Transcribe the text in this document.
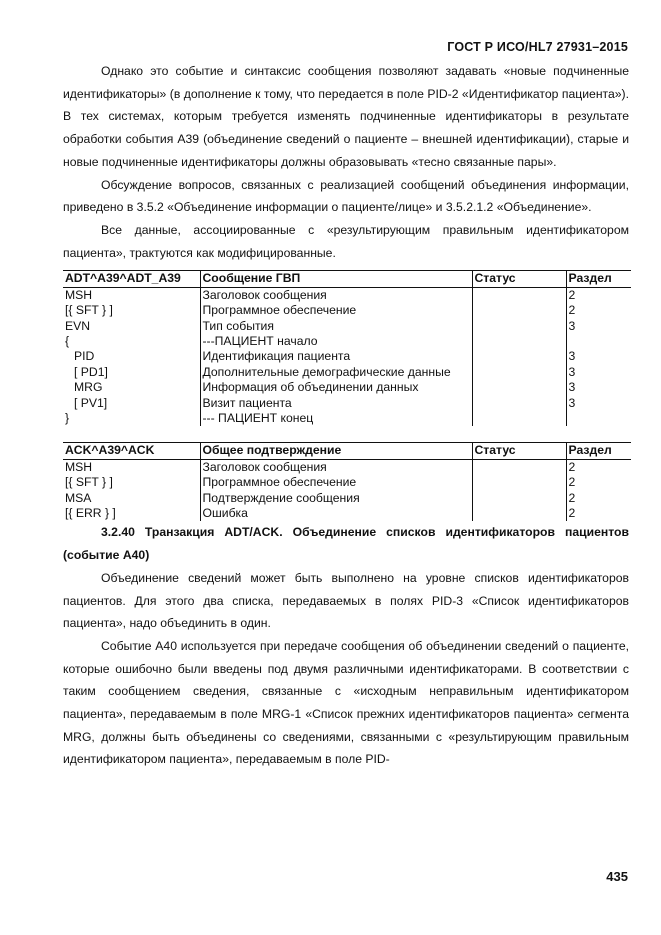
ГОСТ Р ИСО/HL7 27931–2015

Однако это событие и синтаксис сообщения позволяют задавать «новые подчиненные идентификаторы» (в дополнение к тому, что передается в поле PID-2 «Идентификатор пациента»). В тех системах, которым требуется изменять подчиненные идентификаторы в результате обработки события А39 (объединение сведений о пациенте – внешней идентификации), старые и новые подчиненные идентификаторы должны образовывать «тесно связанные пары».

Обсуждение вопросов, связанных с реализацией сообщений объединения информации, приведено в 3.5.2 «Объединение информации о пациенте/лице» и 3.5.2.1.2 «Объединение».

Все данные, ассоциированные с «результирующим правильным идентификатором пациента», трактуются как модифицированные.

ADT^A39^ADT_A39	Сообщение ГВП	Статус	Раздел
MSH	Заголовок сообщения		2
[{ SFT } ]	Программное обеспечение		2
EVN	Тип события		3
{	---ПАЦИЕНТ начало		
PID	Идентификация пациента		3
[ PD1]	Дополнительные демографические данные		3
MRG	Информация об объединении данных		3
[ PV1]	Визит пациента		3
}	--- ПАЦИЕНТ конец		
ACK^A39^ACK	Общее подтверждение	Статус	Раздел
MSH	Заголовок сообщения		2
[{ SFT } ]	Программное обеспечение		2
MSA	Подтверждение сообщения		2
[{ ERR } ]	Ошибка		2

3.2.40 Транзакция ADT/ACK. Объединение списков идентификаторов пациентов (событие А40)

Объединение сведений может быть выполнено на уровне списков идентификаторов пациентов. Для этого два списка, передаваемых в полях PID-3 «Список идентификаторов пациента», надо объединить в один.

Событие А40 используется при передаче сообщения об объединении сведений о пациенте, которые ошибочно были введены под двумя различными идентификаторами. В соответствии с таким сообщением сведения, связанные с «исходным неправильным идентификатором пациента», передаваемым в поле MRG-1 «Список прежних идентификаторов пациента» сегмента MRG, должны быть объединены со сведениями, связанными с «результирующим правильным идентификатором пациента», передаваемым в поле PID-

435
